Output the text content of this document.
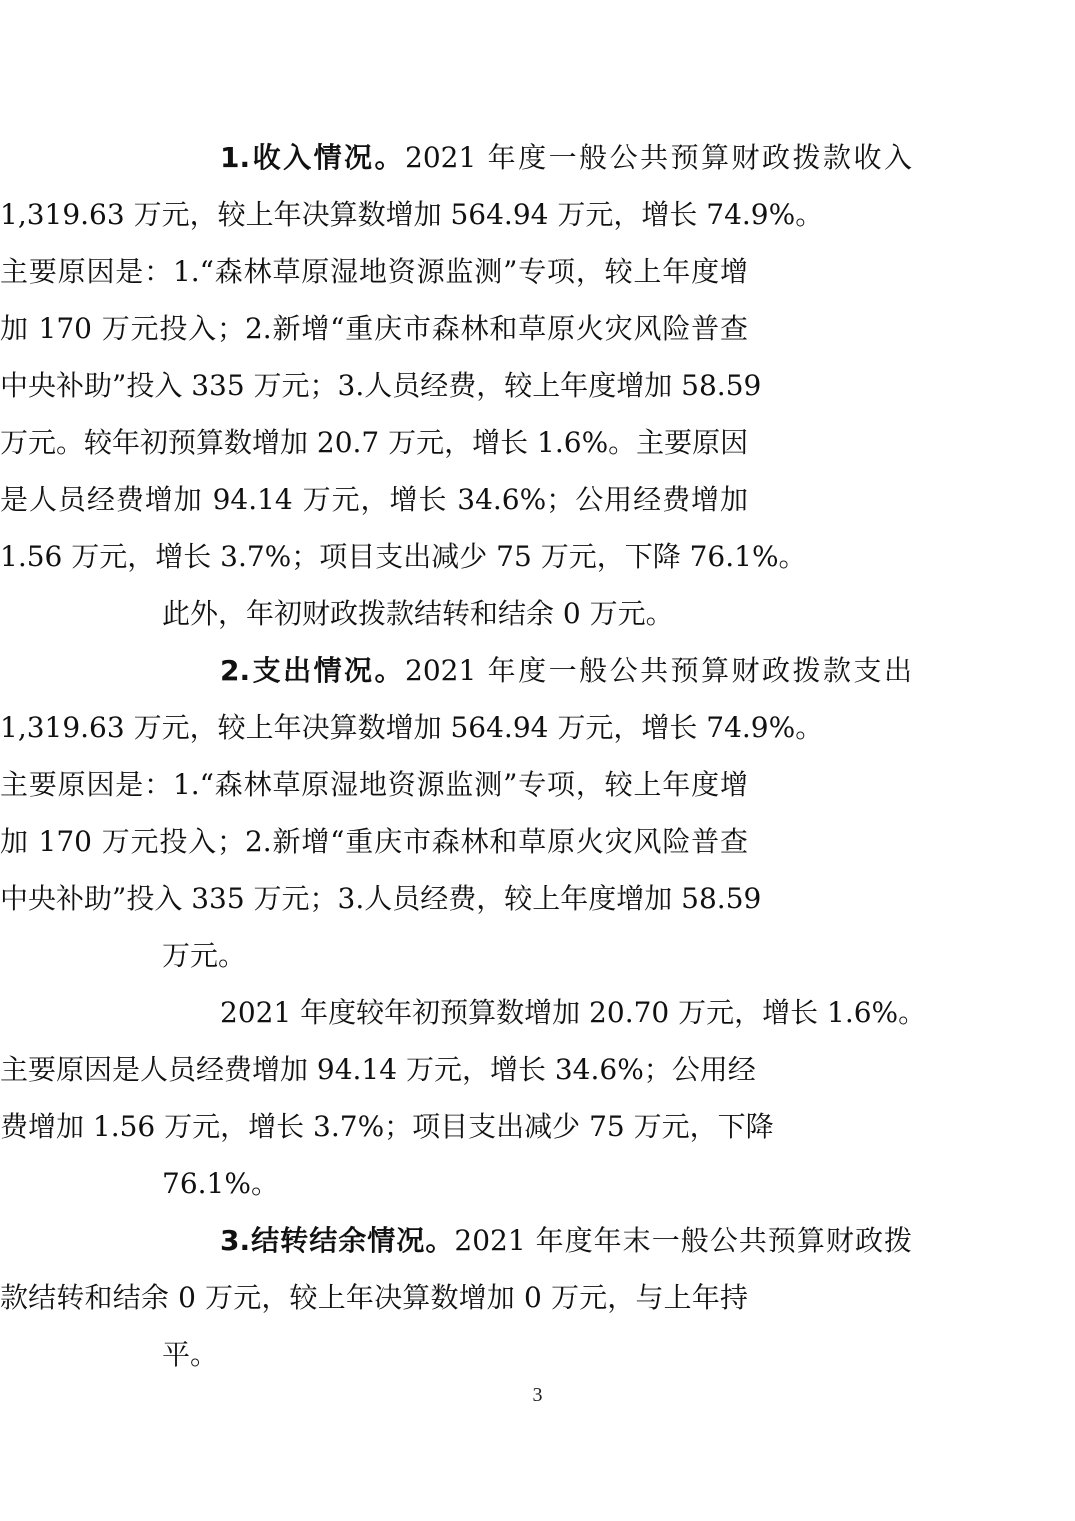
1.收入情况。2021 年度一般公共预算财政拨款收入
1,319.63 万元，较上年决算数增加 564.94 万元，增长 74.9%。
主要原因是：1.“森林草原湿地资源监测”专项，较上年度增
加 170 万元投入；2.新增“重庆市森林和草原火灾风险普查
中央补助”投入 335 万元；3.人员经费，较上年度增加 58.59
万元。较年初预算数增加 20.7 万元，增长 1.6%。主要原因
是人员经费增加 94.14 万元，增长 34.6%；公用经费增加
1.56 万元，增长 3.7%；项目支出减少 75 万元，下降 76.1%。
此外，年初财政拨款结转和结余 0 万元。
2.支出情况。2021 年度一般公共预算财政拨款支出
1,319.63 万元，较上年决算数增加 564.94 万元，增长 74.9%。
主要原因是：1.“森林草原湿地资源监测”专项，较上年度增
加 170 万元投入；2.新增“重庆市森林和草原火灾风险普查
中央补助”投入 335 万元；3.人员经费，较上年度增加 58.59
万元。
2021 年度较年初预算数增加 20.70 万元，增长 1.6%。
主要原因是人员经费增加 94.14 万元，增长 34.6%；公用经
费增加 1.56 万元，增长 3.7%；项目支出减少 75 万元，下降
76.1%。
3.结转结余情况。2021 年度年末一般公共预算财政拨
款结转和结余 0 万元，较上年决算数增加 0 万元，与上年持
平。
3
